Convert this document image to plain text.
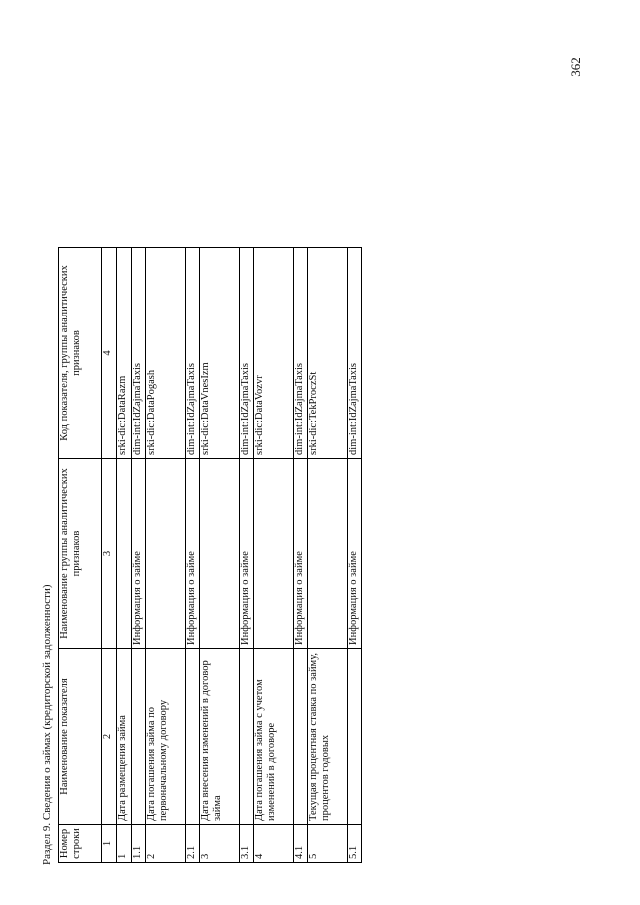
362
Раздел 9. Сведения о займах (кредиторской задолженности) Номер строки	Наименование показателя	Наименование группы аналитических признаков	Код показателя, группы аналитических признаков
1	2	3	4
1	Дата размещения займа		srki-dic:DataRazm
1.1		Информация о займе	dim-int:IdZajmaTaxis
2	Дата погашения займа по первоначальному договору		srki-dic:DataPogash
2.1		Информация о займе	dim-int:IdZajmaTaxis
3	Дата внесения изменений в договор займа		srki-dic:DataVnesIzm
3.1		Информация о займе	dim-int:IdZajmaTaxis
4	Дата погашения займа с учетом изменений в договоре		srki-dic:DataVozvr
4.1		Информация о займе	dim-int:IdZajmaTaxis
5	Текущая процентная ставка по займу, процентов годовых		srki-dic:TekProczSt
5.1		Информация о займе	dim-int:IdZajmaTaxis
